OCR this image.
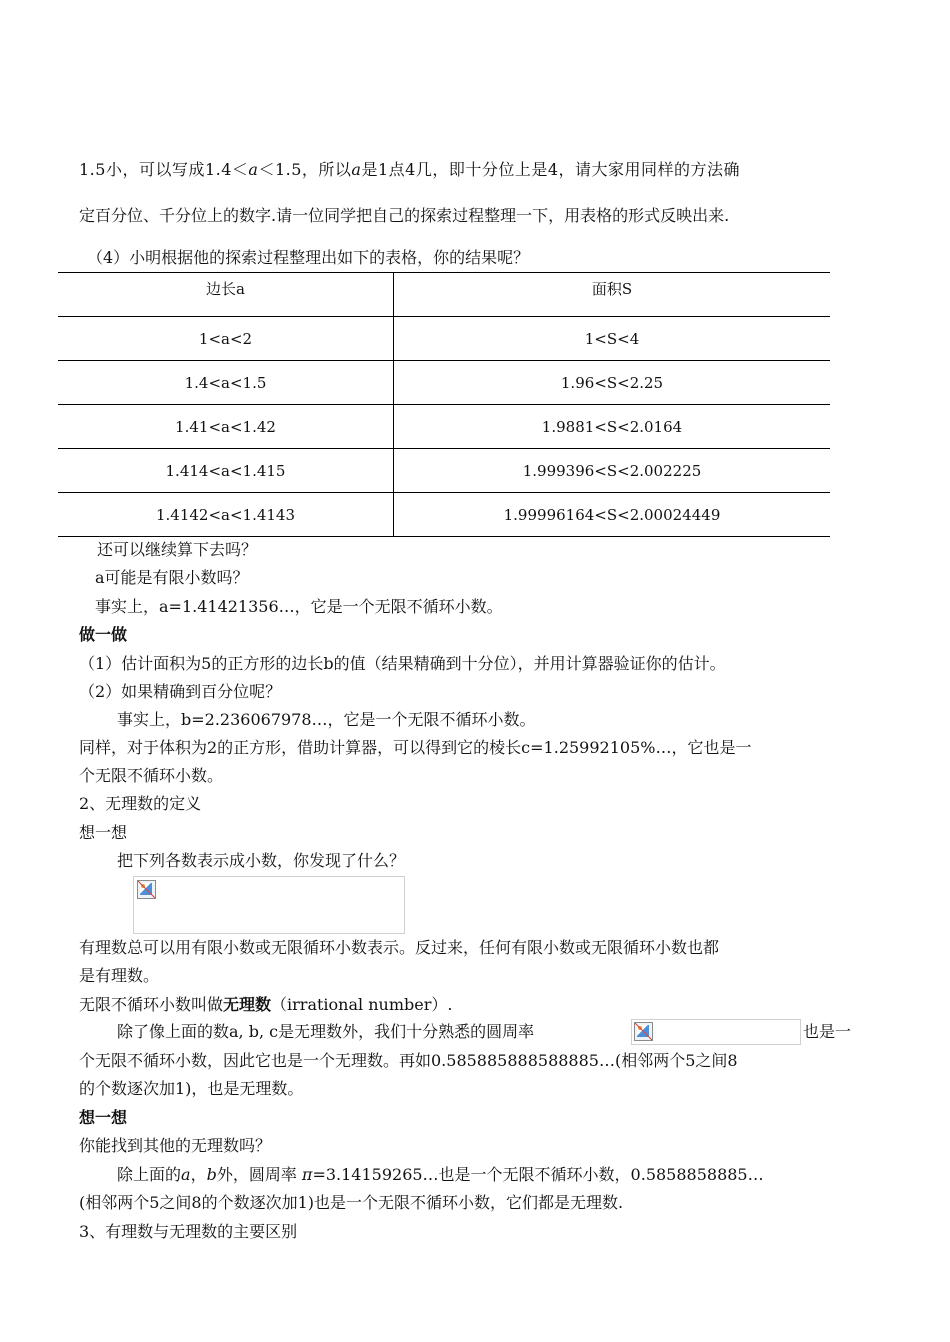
1.5小，可以写成1.4＜a＜1.5，所以a是1点4几，即十分位上是4，请大家用同样的方法确
定百分位、千分位上的数字.请一位同学把自己的探索过程整理一下，用表格的形式反映出来.
（4）小明根据他的探索过程整理出如下的表格，你的结果呢？
边长a	面积S
1<a<2	1<S<4
1.4<a<1.5	1.96<S<2.25
1.41<a<1.42	1.9881<S<2.0164
1.414<a<1.415	1.999396<S<2.002225
1.4142<a<1.4143	1.99996164<S<2.00024449
还可以继续算下去吗？
a可能是有限小数吗？
事实上，a=1.41421356…，它是一个无限不循环小数。
做一做
（1）估计面积为5的正方形的边长b的值（结果精确到十分位），并用计算器验证你的估计。
（2）如果精确到百分位呢？
事实上，b=2.236067978…，它是一个无限不循环小数。
同样，对于体积为2的正方形，借助计算器，可以得到它的棱长c=1.25992105%…，它也是一
个无限不循环小数。
2、无理数的定义
想一想
把下列各数表示成小数，你发现了什么？
有理数总可以用有限小数或无限循环小数表示。反过来，任何有限小数或无限循环小数也都
是有理数。
无限不循环小数叫做无理数（irrational number）.
除了像上面的数a, b, c是无理数外，我们十分熟悉的圆周率	也是一
个无限不循环小数，因此它也是一个无理数。再如0.585885888588885…(相邻两个5之间8
的个数逐次加1)，也是无理数。
想一想
你能找到其他的无理数吗？
除上面的a，b外，圆周率 π=3.14159265…也是一个无限不循环小数，0.5858858885…
(相邻两个5之间8的个数逐次加1)也是一个无限不循环小数，它们都是无理数.
3、有理数与无理数的主要区别
